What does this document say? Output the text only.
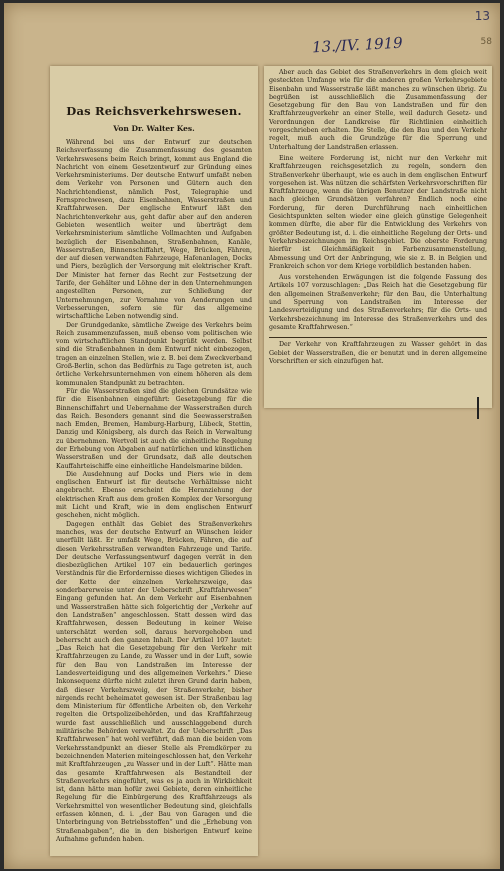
13
58
13./IV. 1919
Das Reichsverkehrswesen.
Von Dr. Walter Kes.

Während bei uns der Entwurf zur deutschen Reichsverfassung die Zusammenfassung des gesamten Verkehrswesens beim Reich bringt, kommt aus England die Nachricht von einem Gesetzentwurf zur Gründung eines Verkehrsministeriums. Der deutsche Entwurf umfaßt neben dem Verkehr von Personen und Gütern auch den Nachrichtendienst, nämlich Post, Telegraphie und Fernsprechwesen, dazu Eisenbahnen, Wasserstraßen und Kraftfahrwesen. Der englische Entwurf läßt den Nachrichtenverkehr aus, geht dafür aber auf den anderen Gebieten wesentlich weiter und überträgt dem Verkehrsministerium sämtliche Vollmachten und Aufgaben bezüglich der Eisenbahnen, Straßenbahnen, Kanäle, Wasserstraßen, Binnenschiffahrt, Wege, Brücken, Fähren, der auf diesen verwandten Fahrzeuge, Hafenanlagen, Docks und Piers, bezüglich der Versorgung mit elektrischer Kraft. Der Minister hat ferner das Recht zur Festsetzung der Tarife, der Gehälter und Löhne der in den Unternehmungen angestellten Personen, zur Schließung der Unternehmungen, zur Vornahme von Aenderungen und Verbesserungen, sofern sie für das allgemeine wirtschaftliche Leben notwendig sind.

Der Grundgedanke, sämtliche Zweige des Verkehrs beim Reich zusammenzufassen, muß ebenso vom politischen wie vom wirtschaftlichen Standpunkt begrüßt werden. Selbst sind die Straßenbahnen in dem Entwurf nicht einbezogen, tragen an einzelnen Stellen, wie z. B. bei dem Zweckverband Groß-Berlin, schon das Bedürfnis zu Tage getreten ist, auch örtliche Verkehrsunternehmen von einem höheren als dem kommunalen Standpunkt zu betrachten.

Für die Wasserstraßen sind die gleichen Grundsätze wie für die Eisenbahnen eingeführt: Gesetzgebung für die Binnenschiffahrt und Uebernahme der Wasserstraßen durch das Reich. Besonders genannt sind die Seewasserstraßen nach Emden, Bremen, Hamburg-Harburg, Lübeck, Stettin, Danzig und Königsberg, als durch das Reich in Verwaltung zu übernehmen. Wertvoll ist auch die einheitliche Regelung der Erhebung von Abgaben auf natürlichen und künstlichen Wasserstraßen und der Grundsatz, daß alle deutschen Kauffahrteischiffe eine einheitliche Handelsmarine bilden.

Die Ausdehnung auf Docks und Piers wie in dem englischen Entwurf ist für deutsche Verhältnisse nicht angebracht. Ebenso erscheint die Heranziehung der elektrischen Kraft aus dem großen Komplex der Versorgung mit Licht und Kraft, wie in dem englischen Entwurf geschehen, nicht möglich.

Dagegen enthält das Gebiet des Straßenverkehrs manches, was der deutsche Entwurf an Wünschen leider unerfüllt läßt. Er umfaßt Wege, Brücken, Fähren, die auf diesen Verkehrsstraßen verwandten Fahrzeuge und Tarife. Der deutsche Verfassungsentwurf dagegen verrät in den diesbezüglichen Artikel 107 ein bedauerlich geringes Verständnis für die Erfordernisse dieses wichtigen Gliedes in der Kette der einzelnen Verkehrszweige, das sonderbarerweise unter der Ueberschrift „Kraftfahrwesen“ Eingang gefunden hat. An dem Verkehr auf Eisenbahnen und Wasserstraßen hätte sich folgerichtig der „Verkehr auf den Landstraßen“ angeschlossen. Statt dessen wird das Kraftfahrwesen, dessen Bedeutung in keiner Weise unterschätzt werden soll, daraus hervorgehoben und beherrscht auch den ganzen Inhalt. Der Artikel 107 lautet: „Das Reich hat die Gesetzgebung für den Verkehr mit Kraftfahrzeugen zu Lande, zu Wasser und in der Luft, sowie für den Bau von Landstraßen im Interesse der Landesverteidigung und des allgemeinen Verkehrs.“ Diese Inkonsequenz dürfte nicht zuletzt ihren Grund darin haben, daß dieser Verkehrszweig, der Straßenverkehr, bisher nirgends recht beheimatet gewesen ist. Der Straßenbau lag dem Ministerium für öffentliche Arbeiten ob, den Verkehr regelten die Ortspolizeibehörden, und das Kraftfahrzeug wurde fast ausschließlich und ausschlaggebend durch militärische Behörden verwaltet. Zu der Ueberschrift „Das Kraftfahrwesen“ hat wohl verführt, daß man die beiden vom Verkehrsstandpunkt an dieser Stelle als Fremdkörper zu bezeichnenden Materien miteingeschlossen hat, den Verkehr mit Kraftfahrzeugen „zu Wasser und in der Luft“. Hätte man das gesamte Kraftfahrwesen als Bestandteil der Straßenverkehrs eingeführt, was es ja auch in Wirklichkeit ist, dann hätte man hofür zwei Gebiete, deren einheitliche Regelung für die Einbürgerung des Kraftfahrzeugs als Verkehrsmittel von wesentlicher Bedeutung sind, gleichfalls erfassen können, d. i. „der Bau von Garagen und die Unterbringung von Betriebsstoffen“ und die „Erhebung von Straßenabgaben“, die in den bisherigen Entwurf keine Aufnahme gefunden haben.

Aber auch das Gebiet des Straßenverkehrs in dem gleich weit gesteckten Umfange wie für die anderen großen Verkehrsgebiete Eisenbahn und Wasserstraße läßt manches zu wünschen übrig. Zu begrüßen ist ausschließlich die Zusammenfassung der Gesetzgebung für den Bau von Landstraßen und für den Kraftfahrzeugverkehr an einer Stelle, weil dadurch Gesetz- und Verordnungen der Landkreise für Richtlinien einheitlich vorgeschrieben erhalten. Die Stelle, die den Bau und den Verkehr regelt, muß auch die Grundzüge für die Sperrung und Unterhaltung der Landstraßen erlassen.

Eine weitere Forderung ist, nicht nur den Verkehr mit Kraftfahrzeugen reichsgesetzlich zu regeln, sondern den Straßenverkehr überhaupt, wie es auch in dem englischen Entwurf vorgesehen ist. Was nützen die schärfsten Verkehrsvorschriften für Kraftfahrzeuge, wenn die übrigen Benutzer der Landstraße nicht nach gleichen Grundsätzen verfahren? Endlich noch eine Forderung, für deren Durchführung nach einheitlichen Gesichtspunkten selten wieder eine gleich günstige Gelegenheit kommen dürfte, die aber für die Entwicklung des Verkehrs von größter Bedeutung ist, d. i. die einheitliche Regelung der Orts- und Verkehrsbezeichnungen im Reichsgebiet. Die oberste Forderung hierfür ist Gleichmäßigkeit in Farbenzusammenstellung, Abmessung und Ort der Anbringung, wie sie z. B. in Belgien und Frankreich schon vor dem Kriege vorbildlich bestanden haben.

Aus vorstehenden Erwägungen ist die folgende Fassung des Artikels 107 vorzuschlagen: „Das Reich hat die Gesetzgebung für den allgemeinen Straßenverkehr; für den Bau, die Unterhaltung und Sperrung von Landstraßen im Interesse der Landesverteidigung und des Straßenverkehrs; für die Orts- und Verkehrsbezeichnung im Interesse des Straßenverkehrs und des gesamte Kraftfahrwesen.“

Der Verkehr von Kraftfahrzeugen zu Wasser gehört in das Gebiet der Wasserstraßen, die er benutzt und in deren allgemeine Vorschriften er sich einzufügen hat.
